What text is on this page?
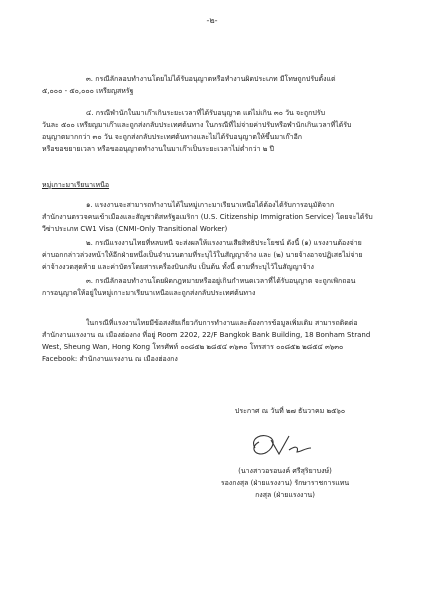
-๒-
๓. กรณีลักลอบทำงานโดยไม่ได้รับอนุญาตหรือทำงานผิดประเภท มีโทษถูกปรับตั้งแต่
๕,๐๐๐ - ๕๐,๐๐๐ เหรียญสหรัฐ
๔. กรณีพำนักในมาเก๊าเกินระยะเวลาที่ได้รับอนุญาต แต่ไม่เกิน ๓๐ วัน จะถูกปรับ
วันละ ๕๐๐ เหรียญมาเก๊าและถูกส่งกลับประเทศต้นทาง ในกรณีที่ไม่จ่ายค่าปรับหรือพำนักเกินเวลาที่ได้รับ
อนุญาตมากกว่า ๓๐ วัน จะถูกส่งกลับประเทศต้นทางและไม่ได้รับอนุญาตให้ขึ้นมาเก๊าอีก
หรือขอขยายเวลา หรือขออนุญาตทำงานในมาเก๊าเป็นระยะเวลาไม่ต่ำกว่า ๒ ปี
หมู่เกาะมาเรียนาเหนือ
๑. แรงงานจะสามารถทำงานได้ในหมู่เกาะมาเรียนาเหนือได้ต้องได้รับการอนุมัติจาก
สำนักงานตรวจคนเข้าเมืองและสัญชาติสหรัฐอเมริกา (U.S. Citizenship Immigration Service) โดยจะได้รับ
วีซ่าประเภท CW1 Visa (CNMI-Only Transitional Worker)
๒. กรณีแรงงานไทยที่หลบหนี จะส่งผลให้แรงงานเสียสิทธิประโยชน์ ดังนี้ (๑) แรงงานต้องจ่าย
ค่าบอกกล่าวล่วงหน้าให้อีกฝ่ายหนึ่งเป็นจำนวนตามที่ระบุไว้ในสัญญาจ้าง และ (๒) นายจ้างอาจปฏิเสธไม่จ่าย
ค่าจ้างงวดสุดท้าย และค่าบัตรโดยสารเครื่องบินกลับ เป็นต้น ทั้งนี้ ตามที่ระบุไว้ในสัญญาจ้าง
๓. กรณีลักลอบทำงานโดยผิดกฎหมายหรืออยู่เกินกำหนดเวลาที่ได้รับอนุญาต จะถูกเพิกถอน
การอนุญาตให้อยู่ในหมู่เกาะมาเรียนาเหนือและถูกส่งกลับประเทศต้นทาง
ในกรณีที่แรงงานไทยมีข้อสงสัยเกี่ยวกับการทำงานและต้องการข้อมูลเพิ่มเติม สามารถติดต่อ
สำนักงานแรงงาน ณ เมืองฮ่องกง ที่อยู่ Room 2202, 22/F Bangkok Bank Building, 18 Bonham Strand
West, Sheung Wan, Hong Kong โทรศัพท์ ๐๐๘๕๒ ๒๘๕๔ ๓๖๓๐ โทรสาร ๐๐๘๕๒ ๒๘๕๔ ๓๖๓๐
Facebook: สำนักงานแรงงาน ณ เมืองฮ่องกง
ประกาศ ณ วันที่ ๒๗ ธันวาคม ๒๕๖๐
(นางสาวอรอนงค์ ศรีสุริยาบงษ์)
รองกงสุล (ฝ่ายแรงงาน) รักษาราชการแทน
กงสุล (ฝ่ายแรงงาน)
